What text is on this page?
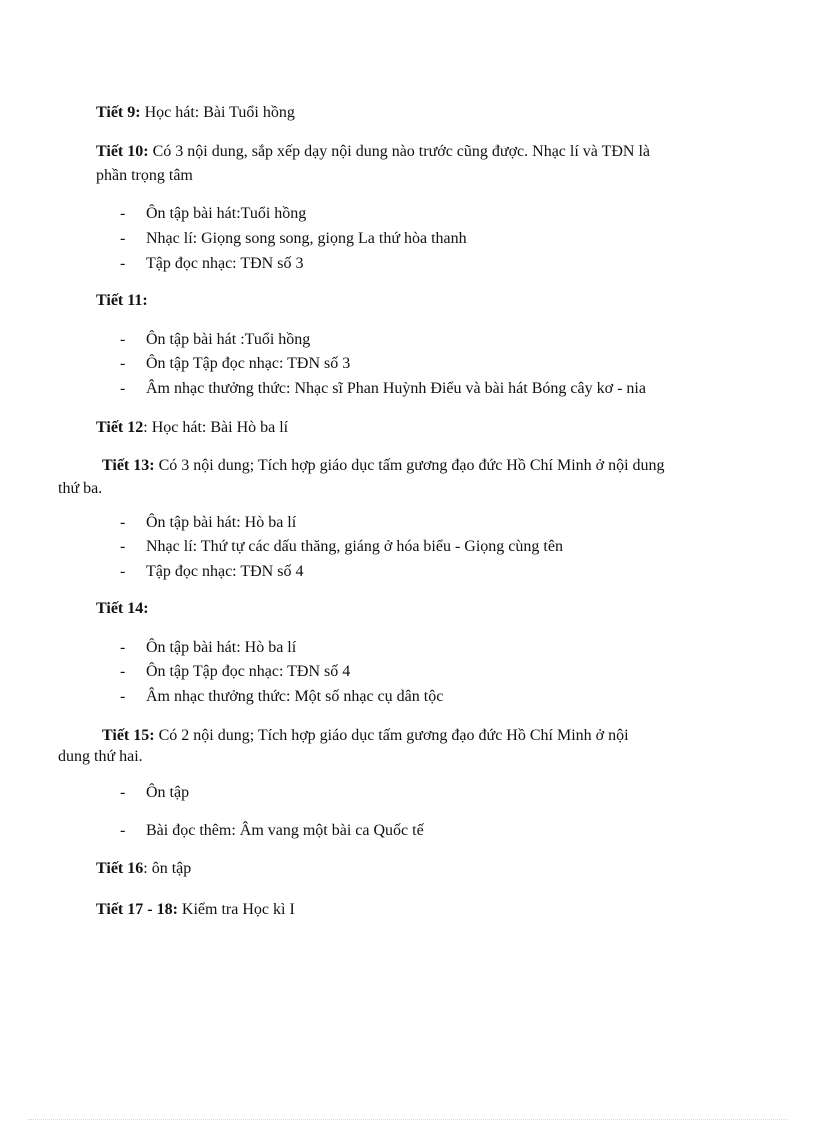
Tiết 9: Học hát: Bài Tuổi hồng
Tiết 10: Có 3 nội dung, sắp xếp dạy nội dung nào trước cũng được. Nhạc lí và TĐN là
phần trọng tâm
- Ôn tập bài hát:Tuổi hồng
- Nhạc lí: Giọng song song, giọng La thứ hòa thanh
- Tập đọc nhạc: TĐN số 3
Tiết 11:
- Ôn tập bài hát :Tuổi hồng
- Ôn tập Tập đọc nhạc: TĐN số 3
- Âm nhạc thưởng thức: Nhạc sĩ Phan Huỳnh Điểu và bài hát Bóng cây kơ - nia
Tiết 12: Học hát: Bài Hò ba lí
Tiết 13: Có 3 nội dung; Tích hợp giáo dục tấm gương đạo đức Hồ Chí Minh ở nội dung
thứ ba.
- Ôn tập bài hát: Hò ba lí
- Nhạc lí: Thứ tự các dấu thăng, giáng ở hóa biểu - Giọng cùng tên
- Tập đọc nhạc: TĐN số 4
Tiết 14:
- Ôn tập bài hát: Hò ba lí
- Ôn tập Tập đọc nhạc: TĐN số 4
- Âm nhạc thưởng thức: Một số nhạc cụ dân tộc
Tiết 15: Có 2 nội dung; Tích hợp giáo dục tấm gương đạo đức Hồ Chí Minh ở nội
dung thứ hai.
- Ôn tập
- Bài đọc thêm: Âm vang một bài ca Quốc tế
Tiết 16: ôn tập
Tiết 17 - 18: Kiểm tra Học kì I
